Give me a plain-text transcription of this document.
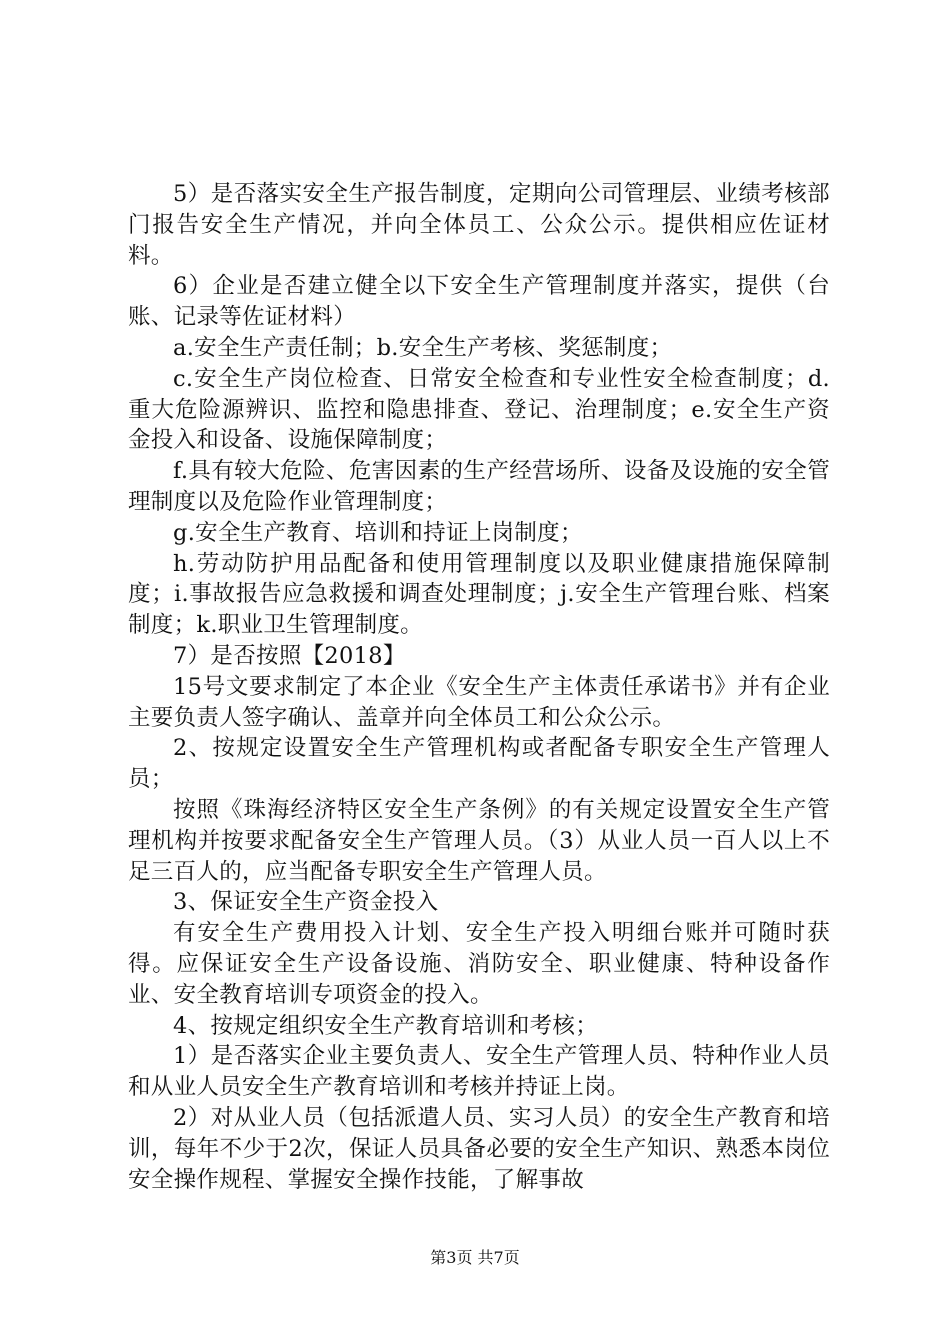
5）是否落实安全生产报告制度，定期向公司管理层、业绩考核部门报告安全生产情况，并向全体员工、公众公示。提供相应佐证材料。

6）企业是否建立健全以下安全生产管理制度并落实，提供（台账、记录等佐证材料）

a.安全生产责任制；b.安全生产考核、奖惩制度；

c.安全生产岗位检查、日常安全检查和专业性安全检查制度；d.重大危险源辨识、监控和隐患排查、登记、治理制度；e.安全生产资金投入和设备、设施保障制度；

f.具有较大危险、危害因素的生产经营场所、设备及设施的安全管理制度以及危险作业管理制度；

g.安全生产教育、培训和持证上岗制度；

h.劳动防护用品配备和使用管理制度以及职业健康措施保障制度；i.事故报告应急救援和调查处理制度；j.安全生产管理台账、档案制度；k.职业卫生管理制度。

7）是否按照【2018】

15号文要求制定了本企业《安全生产主体责任承诺书》并有企业主要负责人签字确认、盖章并向全体员工和公众公示。

2、按规定设置安全生产管理机构或者配备专职安全生产管理人员；

按照《珠海经济特区安全生产条例》的有关规定设置安全生产管理机构并按要求配备安全生产管理人员。（3）从业人员一百人以上不足三百人的，应当配备专职安全生产管理人员。

3、保证安全生产资金投入

有安全生产费用投入计划、安全生产投入明细台账并可随时获得。应保证安全生产设备设施、消防安全、职业健康、特种设备作业、安全教育培训专项资金的投入。

4、按规定组织安全生产教育培训和考核；

1）是否落实企业主要负责人、安全生产管理人员、特种作业人员和从业人员安全生产教育培训和考核并持证上岗。

2）对从业人员（包括派遣人员、实习人员）的安全生产教育和培训，每年不少于2次，保证人员具备必要的安全生产知识、熟悉本岗位安全操作规程、掌握安全操作技能，了解事故

第3页 共7页
